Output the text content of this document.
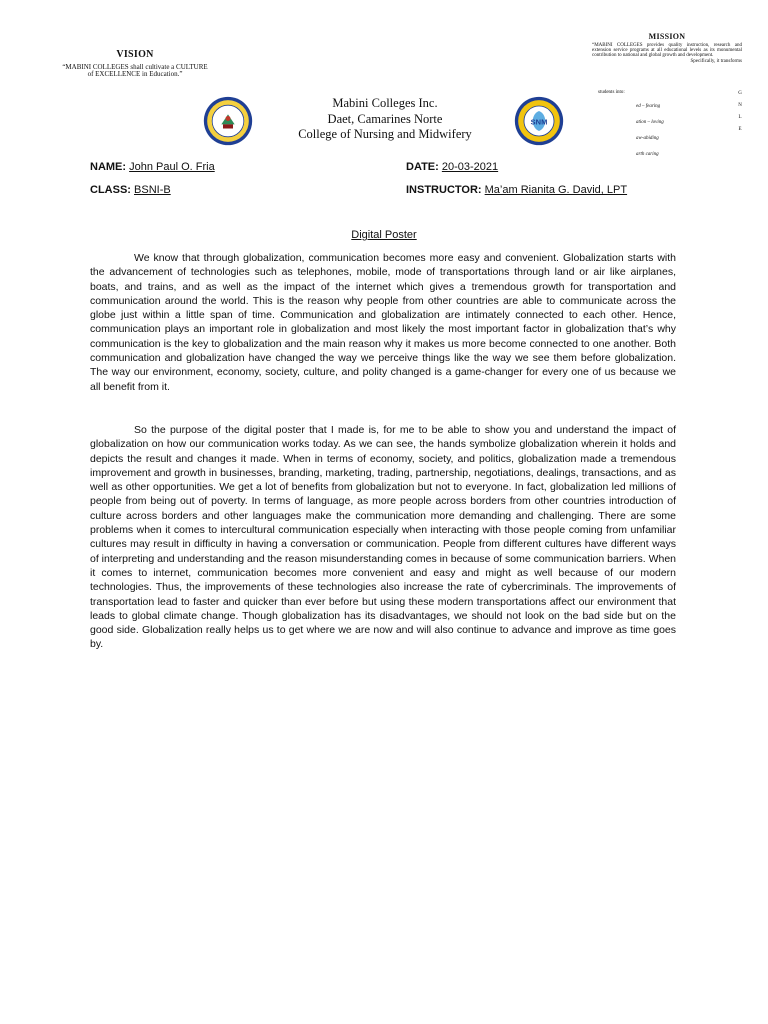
VISION
“MABINI COLLEGES shall cultivate a CULTURE of EXCELLENCE in Education.”
MISSION
“MABINI COLLEGES provides quality instruction, research and extension service programs at all educational levels as its monumental contribution to national and global growth and development.
Specifically, it transforms
students into:
ed – fearing
ation – loving
aw-abiding
arth caring
G
N
L
E
SNM
Mabini Colleges Inc.
Daet, Camarines Norte
College of Nursing and Midwifery
NAME: John Paul O. Fria	DATE: 20-03-2021
CLASS: BSNI-B	INSTRUCTOR: Ma’am Rianita G. David, LPT
Digital Poster
We know that through globalization, communication becomes more easy and convenient. Globalization starts with the advancement of technologies such as telephones, mobile, mode of transportations through land or air like airplanes, boats, and trains, and as well as the impact of the internet which gives a tremendous growth for transportation and communication around the world. This is the reason why people from other countries are able to communicate across the globe just within a little span of time. Communication and globalization are intimately connected to each other. Hence, communication plays an important role in globalization and most likely the most important factor in globalization that’s why communication is the key to globalization and the main reason why it makes us more become connected to one another. Both communication and globalization have changed the way we perceive things like the way we see them before globalization. The way our environment, economy, society, culture, and polity changed is a game-changer for every one of us because we all benefit from it.
So the purpose of the digital poster that I made is, for me to be able to show you and understand the impact of globalization on how our communication works today. As we can see, the hands symbolize globalization wherein it holds and depicts the result and changes it made. When in terms of economy, society, and politics, globalization made a tremendous improvement and growth in businesses, branding, marketing, trading, partnership, negotiations, dealings, transactions, and as well as other opportunities. We get a lot of benefits from globalization but not to everyone. In fact, globalization led millions of people from being out of poverty. In terms of language, as more people across borders from other countries introduction of culture across borders and other languages make the communication more demanding and challenging. There are some problems when it comes to intercultural communication especially when interacting with those people coming from unfamiliar cultures may result in difficulty in having a conversation or communication. People from different cultures have different ways of interpreting and understanding and the reason misunderstanding comes in because of some communication barriers. When it comes to internet, communication becomes more convenient and easy and might as well because of our modern technologies. Thus, the improvements of these technologies also increase the rate of cybercriminals. The improvements of transportation lead to faster and quicker than ever before but using these modern transportations affect our environment that leads to global climate change. Though globalization has its disadvantages, we should not look on the bad side but on the good side. Globalization really helps us to get where we are now and will also continue to advance and improve as time goes by.
